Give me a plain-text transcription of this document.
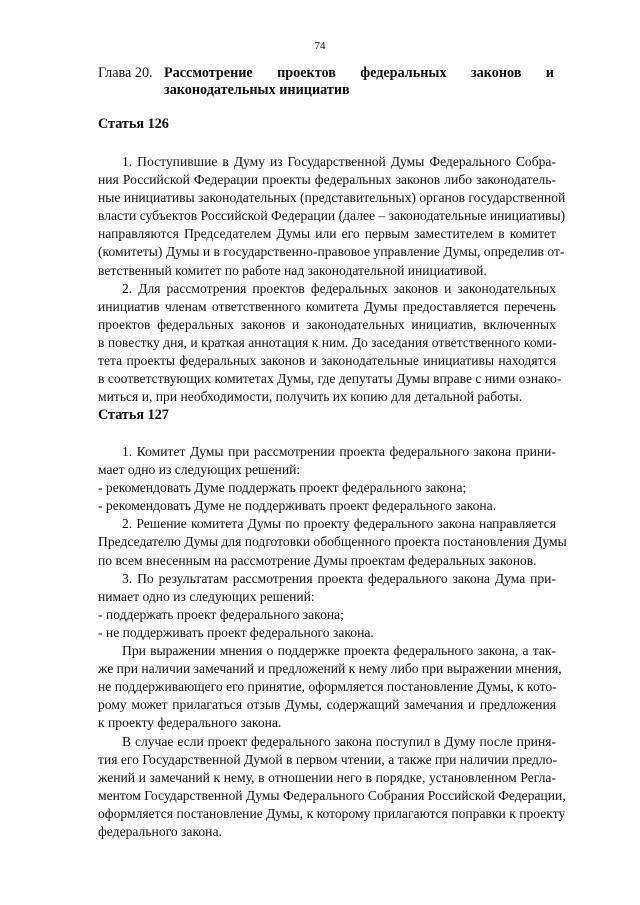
74
Глава 20. Рассмотрение проектов федеральных законов и
законодательных инициатив
Статья 126
1. Поступившие в Думу из Государственной Думы Федерального Собра-
ния Российской Федерации проекты федеральных законов либо законодатель-
ные инициативы законодательных (представительных) органов государственной
власти субъектов Российской Федерации (далее – законодательные инициативы)
направляются Председателем Думы или его первым заместителем в комитет
(комитеты) Думы и в государственно-правовое управление Думы, определив от-
ветственный комитет по работе над законодательной инициативой.
2. Для рассмотрения проектов федеральных законов и законодательных
инициатив членам ответственного комитета Думы предоставляется перечень
проектов федеральных законов и законодательных инициатив, включенных
в повестку дня, и краткая аннотация к ним. До заседания ответственного коми-
тета проекты федеральных законов и законодательные инициативы находятся
в соответствующих комитетах Думы, где депутаты Думы вправе с ними ознако-
миться и, при необходимости, получить их копию для детальной работы.
Статья 127
1. Комитет Думы при рассмотрении проекта федерального закона прини-
мает одно из следующих решений:
- рекомендовать Думе поддержать проект федерального закона;
- рекомендовать Думе не поддерживать проект федерального закона.
2. Решение комитета Думы по проекту федерального закона направляется
Председателю Думы для подготовки обобщенного проекта постановления Думы
по всем внесенным на рассмотрение Думы проектам федеральных законов.
3. По результатам рассмотрения проекта федерального закона Дума при-
нимает одно из следующих решений:
- поддержать проект федерального закона;
- не поддерживать проект федерального закона.
При выражении мнения о поддержке проекта федерального закона, а так-
же при наличии замечаний и предложений к нему либо при выражении мнения,
не поддерживающего его принятие, оформляется постановление Думы, к кото-
рому может прилагаться отзыв Думы, содержащий замечания и предложения
к проекту федерального закона.
В случае если проект федерального закона поступил в Думу после приня-
тия его Государственной Думой в первом чтении, а также при наличии предло-
жений и замечаний к нему, в отношении него в порядке, установленном Регла-
ментом Государственной Думы Федерального Собрания Российской Федерации,
оформляется постановление Думы, к которому прилагаются поправки к проекту
федерального закона.
